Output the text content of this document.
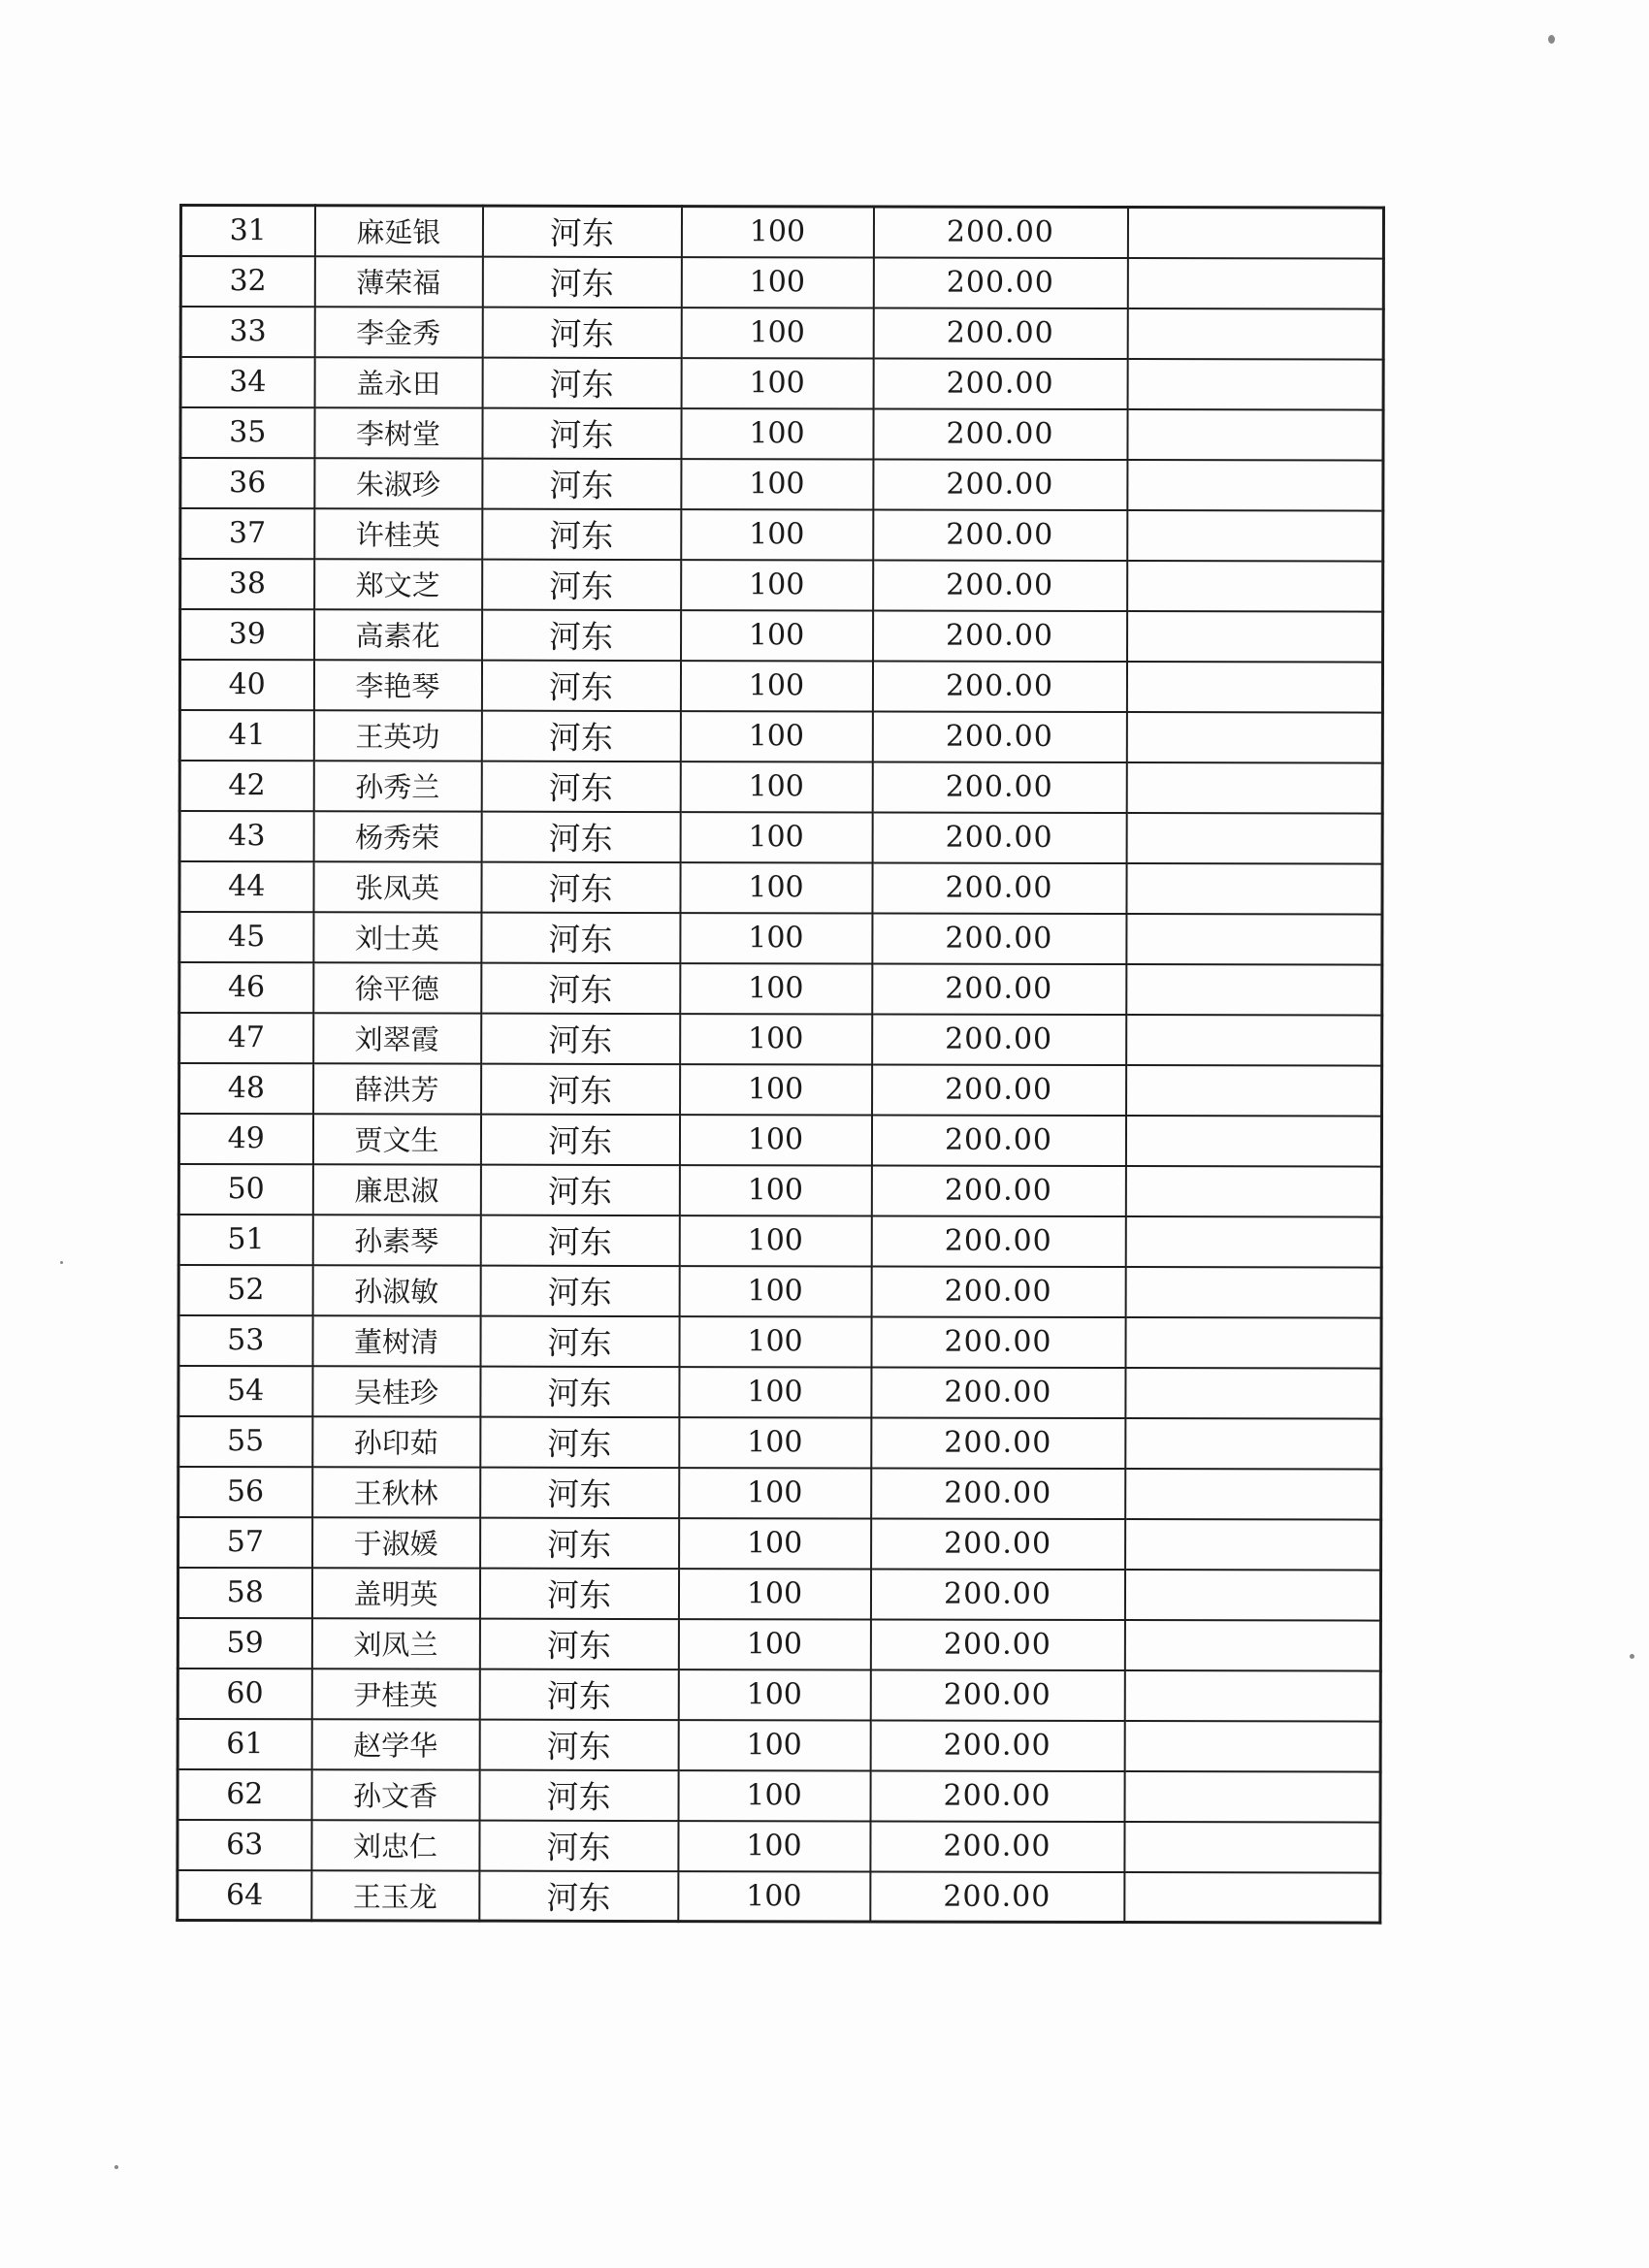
31	麻延银	河东	100	200.00	
32	薄荣福	河东	100	200.00	
33	李金秀	河东	100	200.00	
34	盖永田	河东	100	200.00	
35	李树堂	河东	100	200.00	
36	朱淑珍	河东	100	200.00	
37	许桂英	河东	100	200.00	
38	郑文芝	河东	100	200.00	
39	高素花	河东	100	200.00	
40	李艳琴	河东	100	200.00	
41	王英功	河东	100	200.00	
42	孙秀兰	河东	100	200.00	
43	杨秀荣	河东	100	200.00	
44	张凤英	河东	100	200.00	
45	刘士英	河东	100	200.00	
46	徐平德	河东	100	200.00	
47	刘翠霞	河东	100	200.00	
48	薛洪芳	河东	100	200.00	
49	贾文生	河东	100	200.00	
50	廉思淑	河东	100	200.00	
51	孙素琴	河东	100	200.00	
52	孙淑敏	河东	100	200.00	
53	董树清	河东	100	200.00	
54	吴桂珍	河东	100	200.00	
55	孙印茹	河东	100	200.00	
56	王秋林	河东	100	200.00	
57	于淑媛	河东	100	200.00	
58	盖明英	河东	100	200.00	
59	刘凤兰	河东	100	200.00	
60	尹桂英	河东	100	200.00	
61	赵学华	河东	100	200.00	
62	孙文香	河东	100	200.00	
63	刘忠仁	河东	100	200.00	
64	王玉龙	河东	100	200.00	
